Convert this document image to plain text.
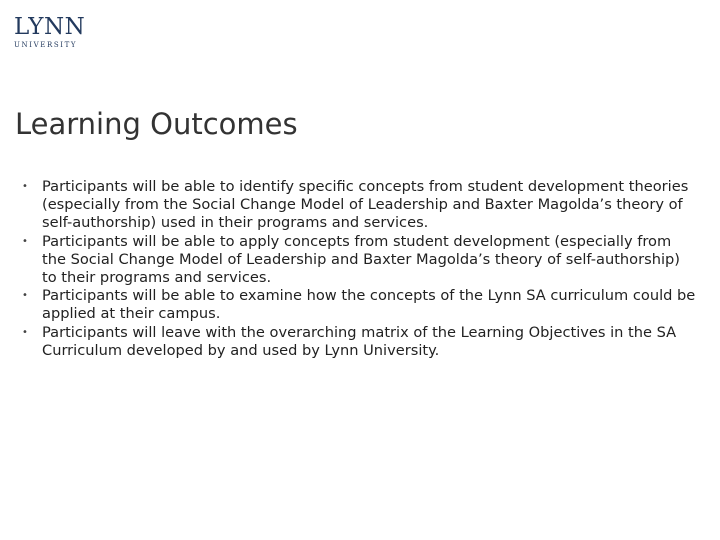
LYNN
UNIVERSITY
Learning Outcomes
• Participants will be able to identify specific concepts from student development theories (especially from the Social Change Model of Leadership and Baxter Magolda’s theory of self-authorship) used in their programs and services.
• Participants will be able to apply concepts from student development (especially from the Social Change Model of Leadership and Baxter Magolda’s theory of self-authorship) to their programs and services.
• Participants will be able to examine how the concepts of the Lynn SA curriculum could be applied at their campus.
• Participants will leave with the overarching matrix of the Learning Objectives in the SA Curriculum developed by and used by Lynn University.
